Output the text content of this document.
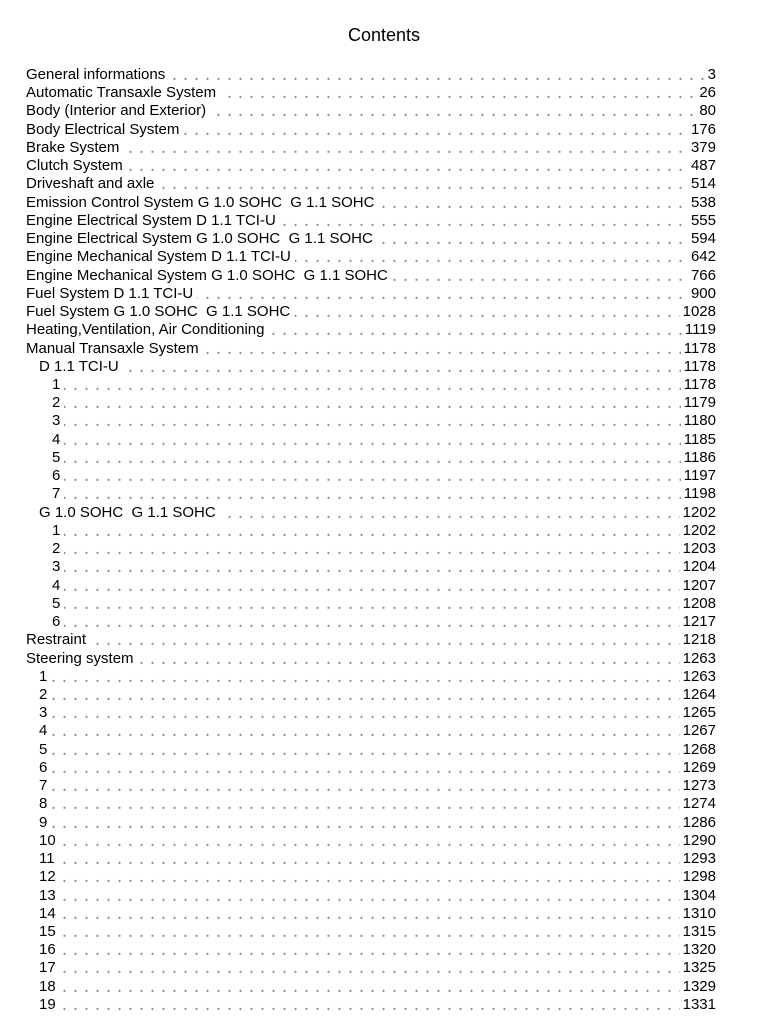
Contents
General informations	3
Automatic Transaxle System	26
Body (Interior and Exterior)	80
Body Electrical System	176
Brake System	379
Clutch System	487
Driveshaft and axle	514
Emission Control System G 1.0 SOHC  G 1.1 SOHC	538
Engine Electrical System D 1.1 TCI-U	555
Engine Electrical System G 1.0 SOHC  G 1.1 SOHC	594
Engine Mechanical System D 1.1 TCI-U	642
Engine Mechanical System G 1.0 SOHC  G 1.1 SOHC	766
Fuel System D 1.1 TCI-U	900
Fuel System G 1.0 SOHC  G 1.1 SOHC	1028
Heating,Ventilation, Air Conditioning	1119
Manual Transaxle System	1178
D 1.1 TCI-U	1178
1	1178
2	1179
3	1180
4	1185
5	1186
6	1197
7	1198
G 1.0 SOHC  G 1.1 SOHC	1202
1	1202
2	1203
3	1204
4	1207
5	1208
6	1217
Restraint	1218
Steering system	1263
1	1263
2	1264
3	1265
4	1267
5	1268
6	1269
7	1273
8	1274
9	1286
10	1290
11	1293
12	1298
13	1304
14	1310
15	1315
16	1320
17	1325
18	1329
19	1331
